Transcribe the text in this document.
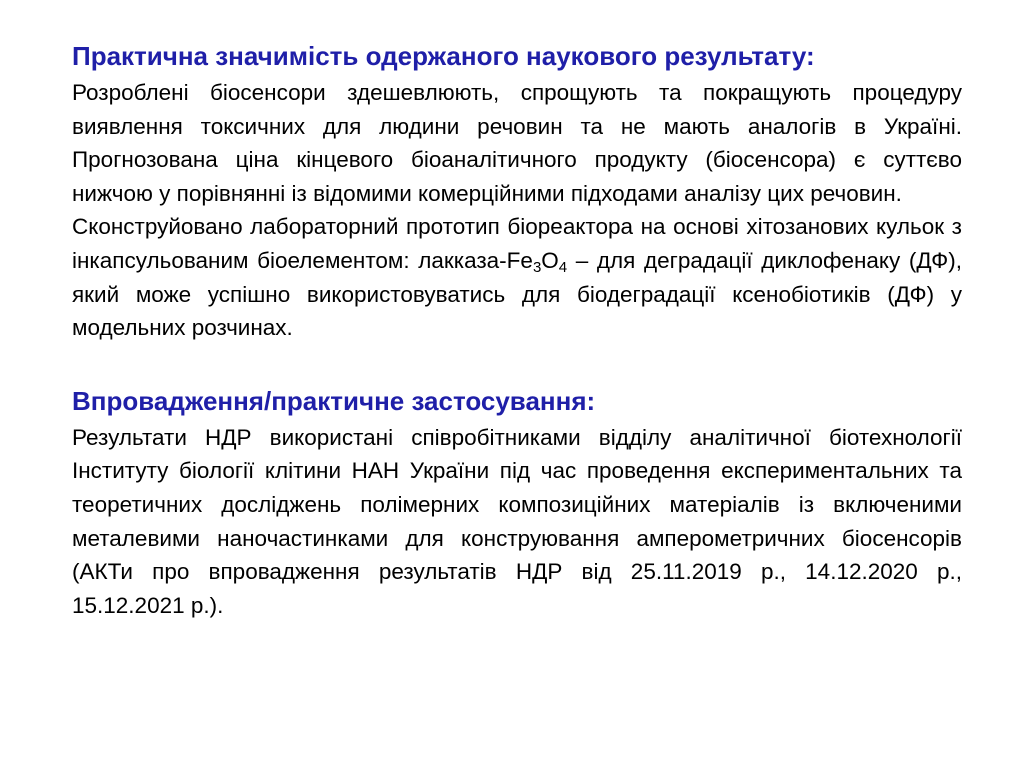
Практична значимість одержаного наукового результату:

Розроблені біосенсори здешевлюють, спрощують та покращують процедуру виявлення токсичних для людини речовин та не мають аналогів в Україні. Прогнозована ціна кінцевого біоаналітичного продукту (біосенсора) є суттєво нижчою у порівнянні із відомими комерційними підходами аналізу цих речовин.

Сконструйовано лабораторний прототип біореактора на основі хітозанових кульок з інкапсульованим біоелементом: лакказа-$Fe_3O_4$ – для деградації диклофенаку (ДФ), який може успішно використовуватись для біодеградації ксенобіотиків (ДФ) у модельних розчинах.

Впровадження/практичне застосування:

Результати НДР використані співробітниками відділу аналітичної біотехнології Інституту біології клітини НАН України під час проведення експериментальних та теоретичних досліджень полімерних композиційних матеріалів із включеними металевими наночастинками для конструювання амперометричних біосенсорів (АКТи про впровадження результатів НДР від 25.11.2019 р., 14.12.2020 р., 15.12.2021 р.).
